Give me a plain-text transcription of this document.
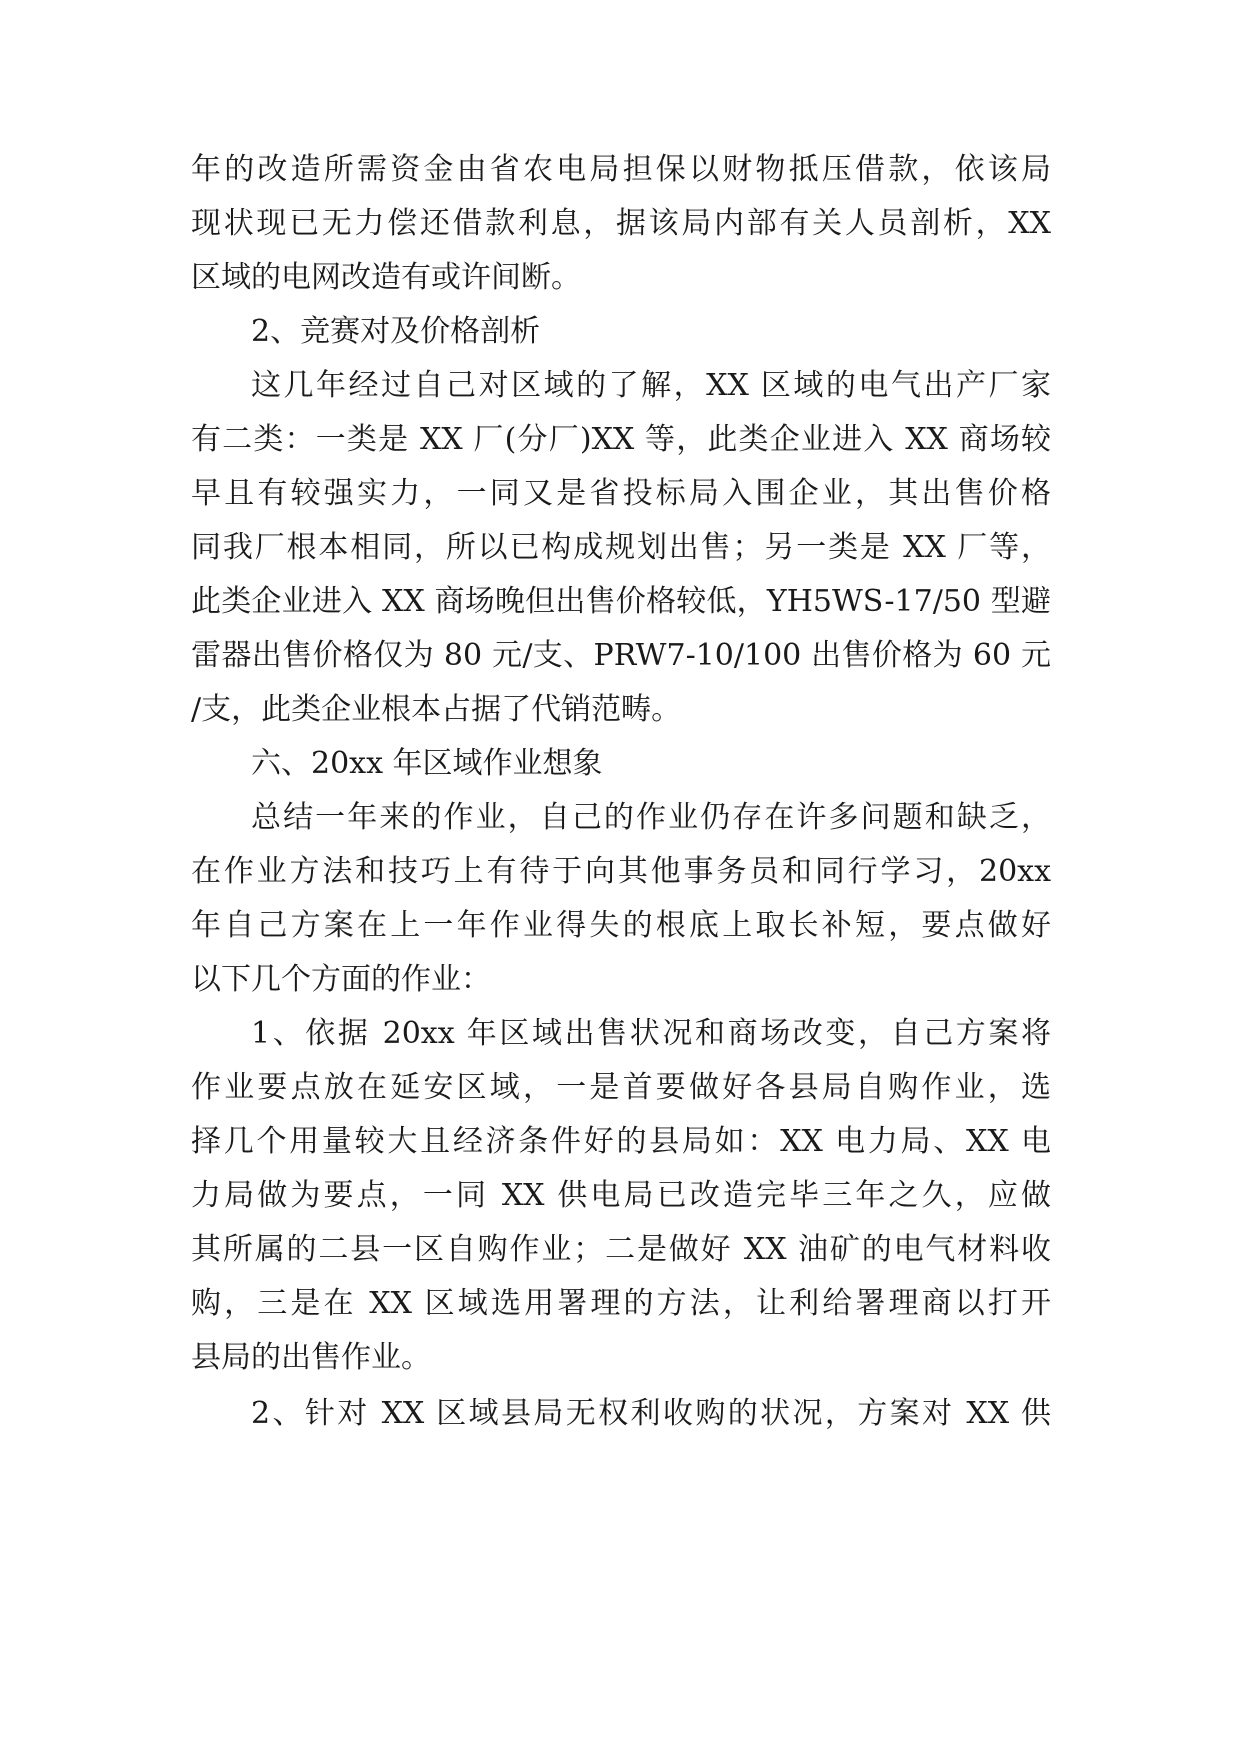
年的改造所需资金由省农电局担保以财物抵压借款，依该局
现状现已无力偿还借款利息，据该局内部有关人员剖析，XX
区域的电网改造有或许间断。
2、竞赛对及价格剖析
这几年经过自己对区域的了解，XX 区域的电气出产厂家
有二类：一类是 XX 厂(分厂)XX 等，此类企业进入 XX 商场较
早且有较强实力，一同又是省投标局入围企业，其出售价格
同我厂根本相同，所以已构成规划出售；另一类是 XX 厂等，
此类企业进入 XX 商场晚但出售价格较低，YH5WS-17/50 型避
雷器出售价格仅为 80 元/支、PRW7-10/100 出售价格为 60 元
/支，此类企业根本占据了代销范畴。
六、20xx 年区域作业想象
总结一年来的作业，自己的作业仍存在许多问题和缺乏，
在作业方法和技巧上有待于向其他事务员和同行学习，20xx
年自己方案在上一年作业得失的根底上取长补短，要点做好
以下几个方面的作业：
1、依据 20xx 年区域出售状况和商场改变，自己方案将
作业要点放在延安区域，一是首要做好各县局自购作业，选
择几个用量较大且经济条件好的县局如：XX 电力局、XX 电
力局做为要点，一同 XX 供电局已改造完毕三年之久，应做
其所属的二县一区自购作业；二是做好 XX 油矿的电气材料收
购，三是在 XX 区域选用署理的方法，让利给署理商以打开
县局的出售作业。
2、针对 XX 区域县局无权利收购的状况，方案对 XX 供
